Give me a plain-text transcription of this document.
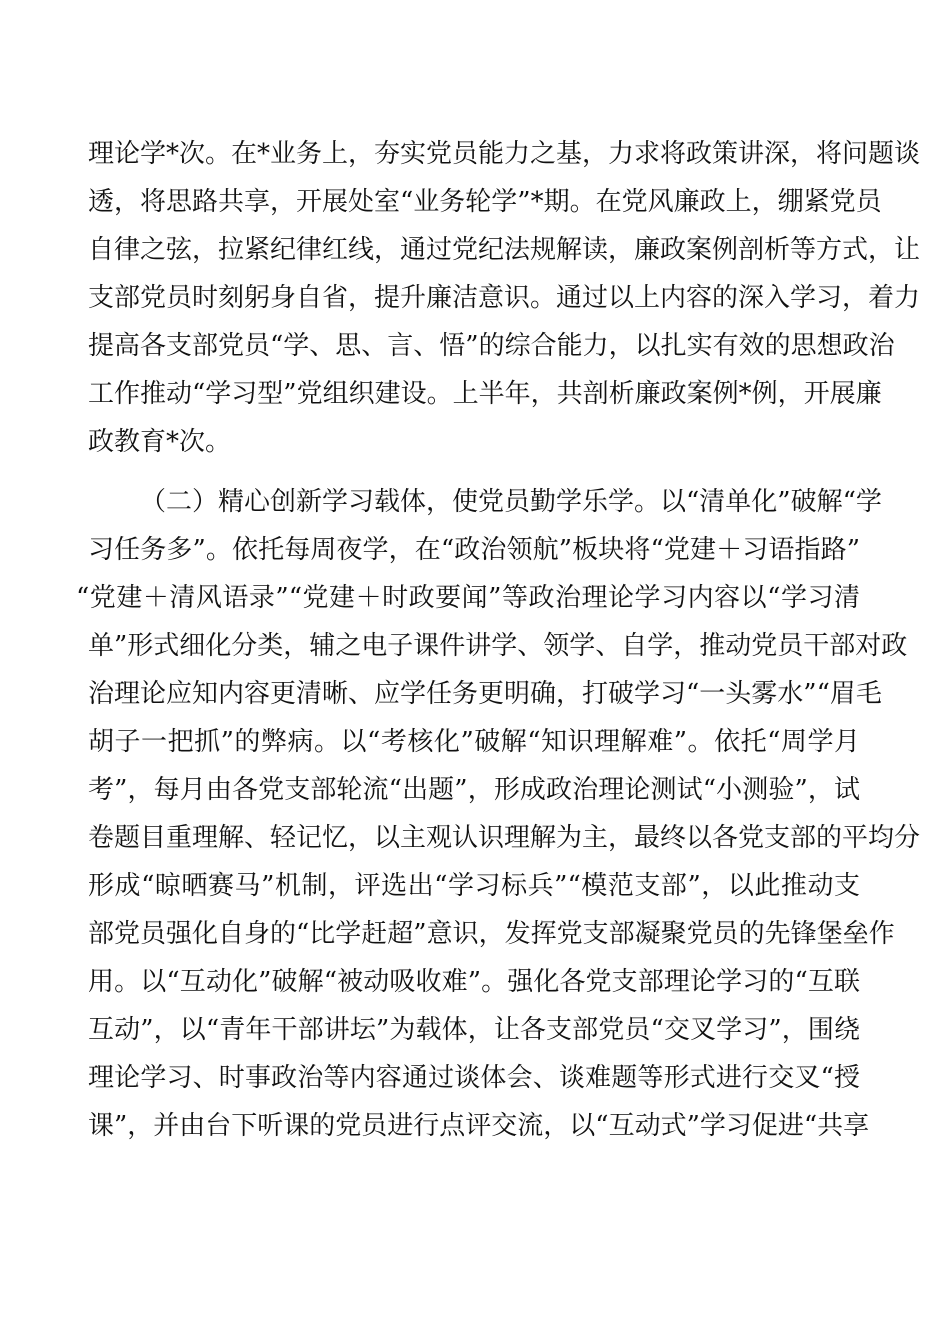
理论学*次。在*业务上，夯实党员能力之基，力求将政策讲深，将问题谈
透，将思路共享，开展处室“业务轮学”*期。在党风廉政上，绷紧党员
自律之弦，拉紧纪律红线，通过党纪法规解读，廉政案例剖析等方式，让
支部党员时刻躬身自省，提升廉洁意识。通过以上内容的深入学习，着力
提高各支部党员“学、思、言、悟”的综合能力，以扎实有效的思想政治
工作推动“学习型”党组织建设。上半年，共剖析廉政案例*例，开展廉
政教育*次。
（二）精心创新学习载体，使党员勤学乐学。以“清单化”破解“学
习任务多”。依托每周夜学，在“政治领航”板块将“党建＋习语指路”
“党建＋清风语录”“党建＋时政要闻”等政治理论学习内容以“学习清
单”形式细化分类，辅之电子课件讲学、领学、自学，推动党员干部对政
治理论应知内容更清晰、应学任务更明确，打破学习“一头雾水”“眉毛
胡子一把抓”的弊病。以“考核化”破解“知识理解难”。依托“周学月
考”，每月由各党支部轮流“出题”，形成政治理论测试“小测验”，试
卷题目重理解、轻记忆，以主观认识理解为主，最终以各党支部的平均分
形成“晾晒赛马”机制，评选出“学习标兵”“模范支部”，以此推动支
部党员强化自身的“比学赶超”意识，发挥党支部凝聚党员的先锋堡垒作
用。以“互动化”破解“被动吸收难”。强化各党支部理论学习的“互联
互动”，以“青年干部讲坛”为载体，让各支部党员“交叉学习”，围绕
理论学习、时事政治等内容通过谈体会、谈难题等形式进行交叉“授
课”，并由台下听课的党员进行点评交流，以“互动式”学习促进“共享
